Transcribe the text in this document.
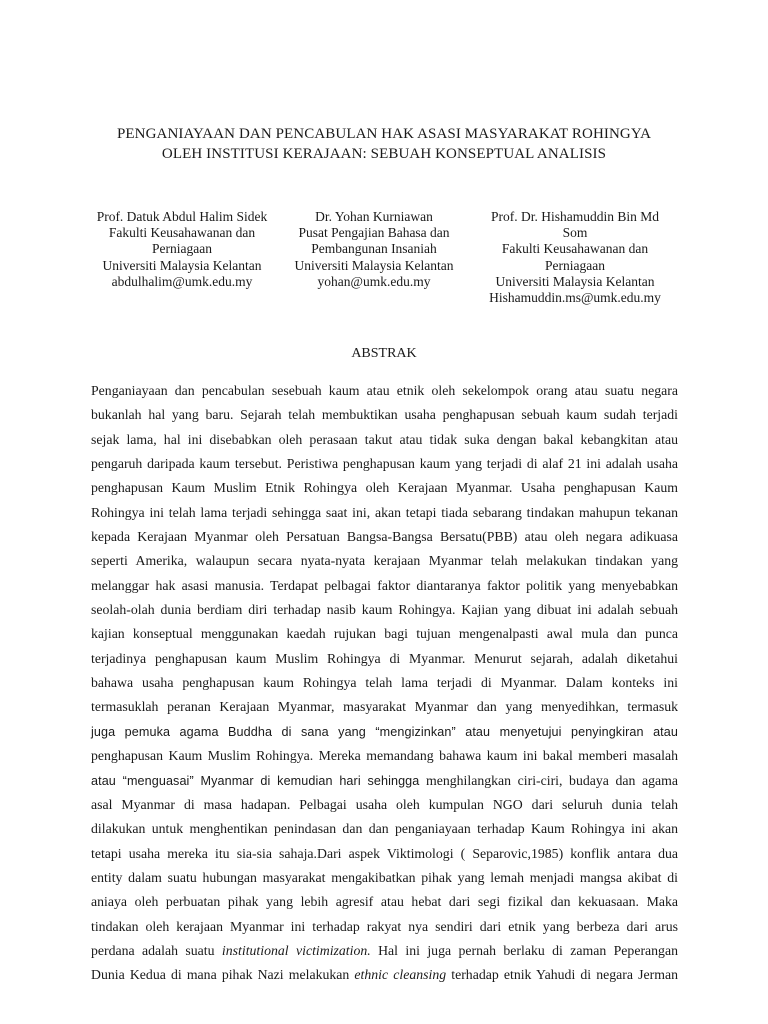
PENGANIAYAAN DAN PENCABULAN HAK ASASI MASYARAKAT ROHINGYA
OLEH INSTITUSI KERAJAAN: SEBUAH KONSEPTUAL ANALISIS
Prof. Datuk Abdul Halim Sidek
Fakulti Keusahawanan dan
Perniagaan
Universiti Malaysia Kelantan
abdulhalim@umk.edu.my
Dr. Yohan Kurniawan
Pusat Pengajian Bahasa dan
Pembangunan Insaniah
Universiti Malaysia Kelantan
yohan@umk.edu.my
Prof. Dr. Hishamuddin Bin Md
Som
Fakulti Keusahawanan dan
Perniagaan
Universiti Malaysia Kelantan
Hishamuddin.ms@umk.edu.my
ABSTRAK
Penganiayaan dan pencabulan sesebuah kaum atau etnik oleh sekelompok orang atau suatu negara
bukanlah hal yang baru. Sejarah telah membuktikan usaha penghapusan sebuah kaum sudah terjadi
sejak lama, hal ini disebabkan oleh perasaan takut atau tidak suka dengan bakal kebangkitan atau
pengaruh daripada kaum tersebut. Peristiwa penghapusan kaum yang terjadi di alaf 21 ini adalah usaha
penghapusan Kaum Muslim Etnik Rohingya oleh Kerajaan Myanmar. Usaha penghapusan Kaum
Rohingya ini telah lama terjadi sehingga saat ini, akan tetapi tiada sebarang tindakan mahupun tekanan
kepada Kerajaan Myanmar oleh Persatuan Bangsa-Bangsa Bersatu(PBB) atau oleh negara adikuasa
seperti Amerika, walaupun secara nyata-nyata kerajaan Myanmar telah melakukan tindakan yang
melanggar hak asasi manusia. Terdapat pelbagai faktor diantaranya faktor politik yang menyebabkan
seolah-olah dunia berdiam diri terhadap nasib kaum Rohingya. Kajian yang dibuat ini adalah sebuah
kajian konseptual menggunakan kaedah rujukan bagi tujuan mengenalpasti awal mula dan punca
terjadinya penghapusan kaum Muslim Rohingya di Myanmar. Menurut sejarah, adalah diketahui
bahawa usaha penghapusan kaum Rohingya telah lama terjadi di Myanmar. Dalam konteks ini
termasuklah peranan Kerajaan Myanmar, masyarakat Myanmar dan yang menyedihkan, termasuk
juga pemuka agama Buddha di sana yang “mengizinkan” atau menyetujui penyingkiran atau
penghapusan Kaum Muslim Rohingya. Mereka memandang bahawa kaum ini bakal memberi masalah
atau “menguasai” Myanmar di kemudian hari sehingga menghilangkan ciri-ciri, budaya dan agama
asal Myanmar di masa hadapan. Pelbagai usaha oleh kumpulan NGO dari seluruh dunia telah
dilakukan untuk menghentikan penindasan dan dan penganiayaan terhadap Kaum Rohingya ini akan
tetapi usaha mereka itu sia-sia sahaja.Dari aspek Viktimologi ( Separovic,1985) konflik antara dua
entity dalam suatu hubungan masyarakat mengakibatkan pihak yang lemah menjadi mangsa akibat di
aniaya oleh perbuatan pihak yang lebih agresif atau hebat dari segi fizikal dan kekuasaan. Maka
tindakan oleh kerajaan Myanmar ini terhadap rakyat nya sendiri dari etnik yang berbeza dari arus
perdana adalah suatu institutional victimization. Hal ini juga pernah berlaku di zaman Peperangan
Dunia Kedua di mana pihak Nazi melakukan ethnic cleansing terhadap etnik Yahudi di negara Jerman
